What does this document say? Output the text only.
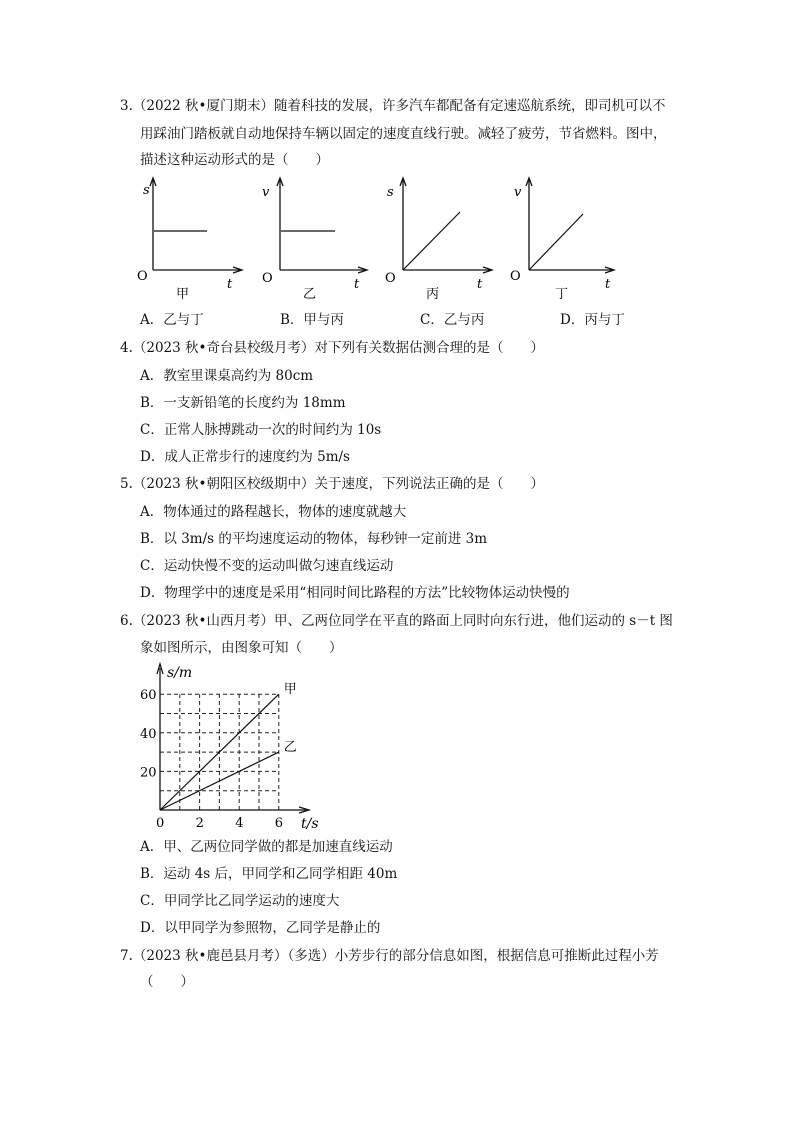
3.（2022 秋•厦门期末）随着科技的发展，许多汽车都配备有定速巡航系统，即司机可以不
用踩油门踏板就自动地保持车辆以固定的速度直线行驶。减轻了疲劳，节省燃料。图中，
描述这种运动形式的是（　　）
s
O
t
甲
v
O	t
乙
s
O	t
丙
v
O
t
丁
A．乙与丁	B．甲与丙	C．乙与丙	D．丙与丁
4.（2023 秋•奇台县校级月考）对下列有关数据估测合理的是（　　）
A．教室里课桌高约为 80cm
B．一支新铅笔的长度约为 18mm
C．正常人脉搏跳动一次的时间约为 10s
D．成人正常步行的速度约为 5m/s
5.（2023 秋•朝阳区校级期中）关于速度，下列说法正确的是（　　）
A．物体通过的路程越长，物体的速度就越大
B．以 3m/s 的平均速度运动的物体，每秒钟一定前进 3m
C．运动快慢不变的运动叫做匀速直线运动
D．物理学中的速度是采用“相同时间比路程的方法”比较物体运动快慢的
6.（2023 秋•山西月考）甲、乙两位同学在平直的路面上同时向东行进，他们运动的 s－t 图
象如图所示，由图象可知（　　）
甲
乙
0 2 4 6
20
40
60
s/m
t/s
A．甲、乙两位同学做的都是加速直线运动
B．运动 4s 后，甲同学和乙同学相距 40m
C．甲同学比乙同学运动的速度大
D．以甲同学为参照物，乙同学是静止的
7.（2023 秋•鹿邑县月考）（多选）小芳步行的部分信息如图，根据信息可推断此过程小芳
（　　）
